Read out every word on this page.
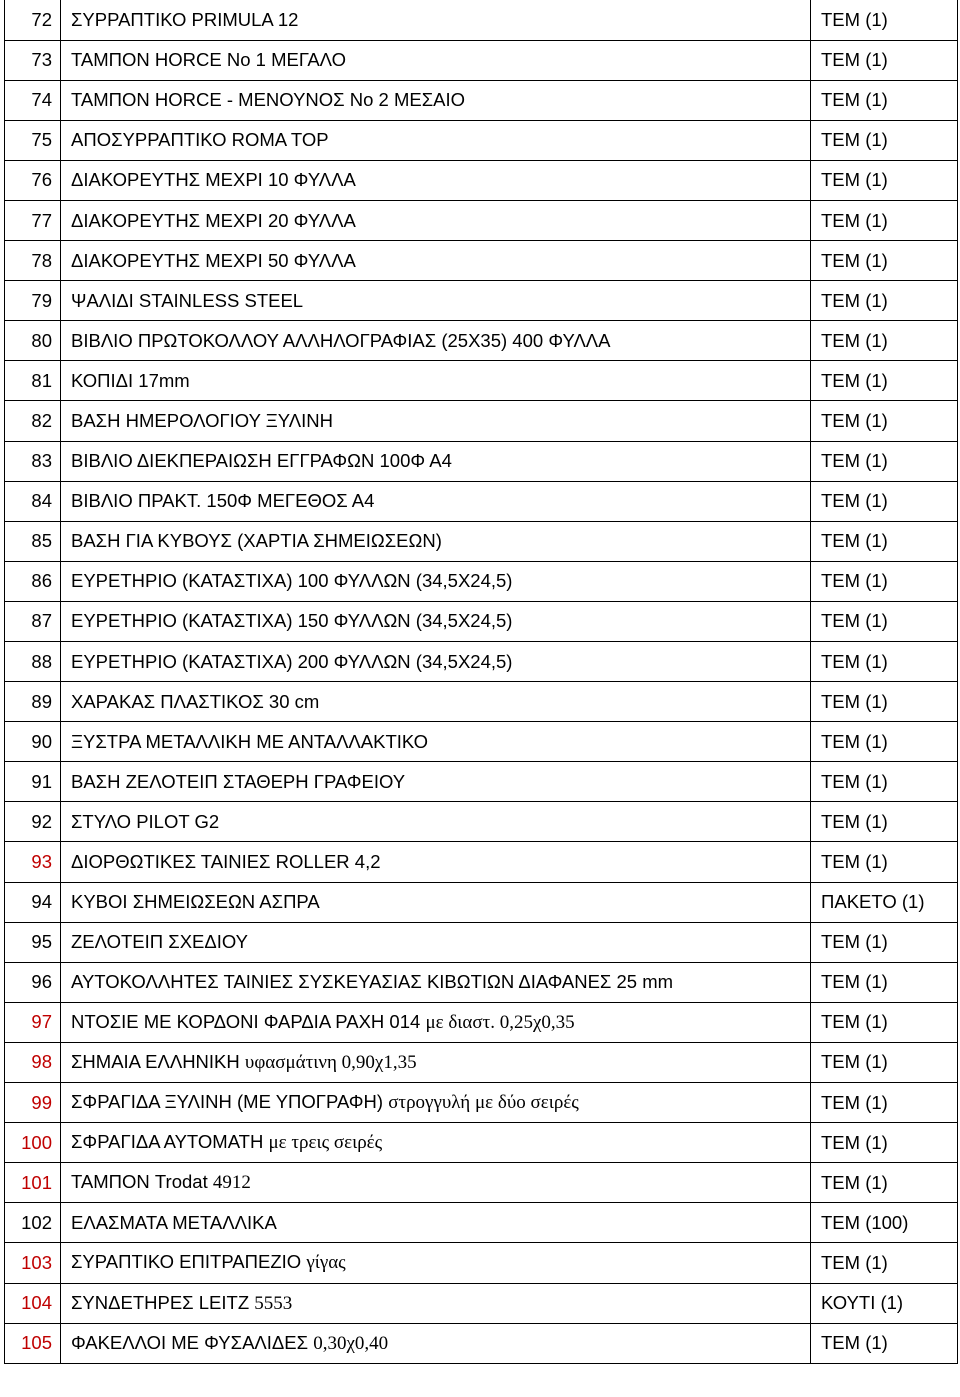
72	ΣΥΡΡΑΠΤΙΚΟ PRIMULA 12	TEM (1)
73	ΤΑΜΠΟΝ HORCE No 1 ΜΕΓΑΛΟ	TEM (1)
74	ΤΑΜΠΟΝ HORCE - ΜΕΝΟΥΝΟΣ No 2 ΜΕΣΑΙΟ	TEM (1)
75	ΑΠΟΣΥΡΡΑΠΤΙΚΟ ROMA TOP	TEM (1)
76	ΔΙΑΚΟΡΕΥΤΗΣ ΜΕΧΡΙ 10 ΦΥΛΛΑ	TEM (1)
77	ΔΙΑΚΟΡΕΥΤΗΣ ΜΕΧΡΙ 20 ΦΥΛΛΑ	TEM (1)
78	ΔΙΑΚΟΡΕΥΤΗΣ ΜΕΧΡΙ 50 ΦΥΛΛΑ	TEM (1)
79	ΨΑΛΙΔΙ STAINLESS STEEL	TEM (1)
80	ΒΙΒΛΙΟ ΠΡΩΤΟΚΟΛΛΟΥ ΑΛΛΗΛΟΓΡΑΦΙΑΣ (25Χ35) 400 ΦΥΛΛΑ	TEM (1)
81	ΚΟΠΙΔΙ 17mm	TEM (1)
82	ΒΑΣΗ ΗΜΕΡΟΛΟΓΙΟΥ ΞΥΛΙΝΗ	TEM (1)
83	ΒΙΒΛΙΟ ΔΙΕΚΠΕΡΑΙΩΣΗ ΕΓΓΡΑΦΩΝ 100Φ Α4	TEM (1)
84	ΒΙΒΛΙΟ ΠΡΑΚΤ. 150Φ ΜΕΓΕΘΟΣ Α4	TEM (1)
85	ΒΑΣΗ ΓΙΑ ΚΥΒΟΥΣ (ΧΑΡΤΙΑ ΣΗΜΕΙΩΣΕΩΝ)	TEM (1)
86	ΕΥΡΕΤΗΡΙΟ (ΚΑΤΑΣΤΙΧΑ) 100 ΦΥΛΛΩΝ (34,5Χ24,5)	TEM (1)
87	ΕΥΡΕΤΗΡΙΟ (ΚΑΤΑΣΤΙΧΑ) 150 ΦΥΛΛΩΝ (34,5Χ24,5)	TEM (1)
88	ΕΥΡΕΤΗΡΙΟ (ΚΑΤΑΣΤΙΧΑ) 200 ΦΥΛΛΩΝ (34,5Χ24,5)	TEM (1)
89	ΧΑΡΑΚΑΣ ΠΛΑΣΤΙΚΟΣ 30 cm	TEM (1)
90	ΞΥΣΤΡΑ ΜΕΤΑΛΛΙΚΗ ΜΕ ΑΝΤΑΛΛΑΚΤΙΚΟ	TEM (1)
91	ΒΑΣΗ ΖΕΛΟΤΕΙΠ ΣΤΑΘΕΡΗ ΓΡΑΦΕΙΟΥ	TEM (1)
92	ΣΤΥΛΟ PILOT G2	TEM (1)
93	ΔΙΟΡΘΩΤΙΚΕΣ ΤΑΙΝΙΕΣ ROLLER 4,2	TEM (1)
94	ΚΥΒΟΙ ΣΗΜΕΙΩΣΕΩΝ ΑΣΠΡΑ	ΠΑΚΕΤΟ (1)
95	ΖΕΛΟΤΕΙΠ ΣΧΕΔΙΟΥ	TEM (1)
96	ΑΥΤΟΚΟΛΛΗΤΕΣ ΤΑΙΝΙΕΣ ΣΥΣΚΕΥΑΣΙΑΣ ΚΙΒΩΤΙΩΝ ΔΙΑΦΑΝΕΣ 25 mm	TEM (1)
97	ΝΤΟΣΙΕ ΜΕ ΚΟΡΔΟΝΙ ΦΑΡΔΙΑ ΡΑΧΗ 014 με διαστ. 0,25χ0,35	TEM (1)
98	ΣΗΜΑΙΑ ΕΛΛΗΝΙΚΗ υφασμάτινη 0,90χ1,35	TEM (1)
99	ΣΦΡΑΓΙΔΑ ΞΥΛΙΝΗ (ΜΕ ΥΠΟΓΡΑΦΗ) στρογγυλή με δύο σειρές	TEM (1)
100	ΣΦΡΑΓΙΔΑ ΑΥΤΟΜΑΤΗ με τρεις σειρές	TEM (1)
101	ΤΑΜΠΟΝ Trodat 4912	TEM (1)
102	ΕΛΑΣΜΑΤΑ ΜΕΤΑΛΛΙΚΑ	TEM (100)
103	ΣΥΡΑΠΤΙΚΟ ΕΠΙΤΡΑΠΕΖΙΟ γίγας	TEM (1)
104	ΣΥΝΔΕΤΗΡΕΣ LEITZ 5553	ΚΟΥΤΙ (1)
105	ΦΑΚΕΛΛΟΙ ΜΕ ΦΥΣΑΛΙΔΕΣ 0,30χ0,40	TEM (1)
